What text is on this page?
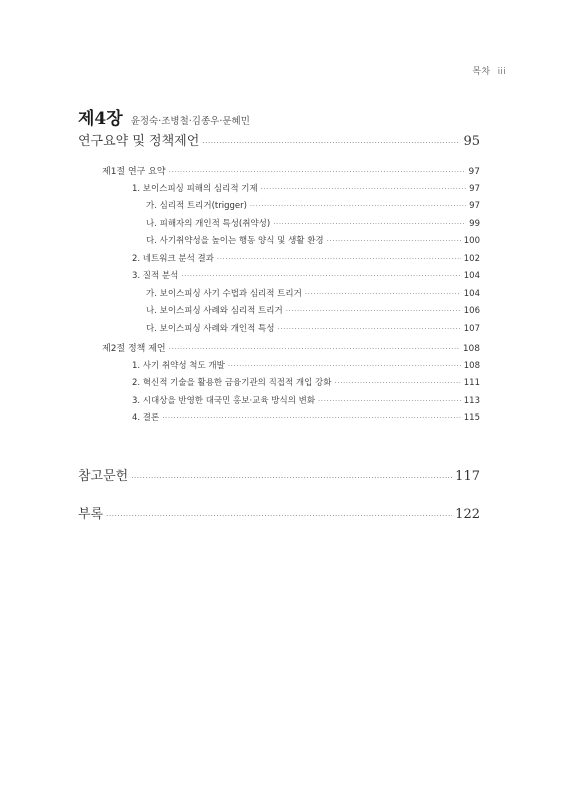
목차 iii
제4장 윤정숙·조병철·김종우·문혜민
연구요약 및 정책제언 ·····	95
제1절 연구 요약 ·····	97
1. 보이스피싱 피해의 심리적 기제 ·····	97
가. 심리적 트리거(trigger) ·····	97
나. 피해자의 개인적 특성(취약성) ·····	99
다. 사기취약성을 높이는 행동 양식 및 생활 환경 ·····	100
2. 네트워크 분석 결과 ·····	102
3. 질적 분석 ·····	104
가. 보이스피싱 사기 수법과 심리적 트리거 ·····	104
나. 보이스피싱 사례와 심리적 트리거 ·····	106
다. 보이스피싱 사례와 개인적 특성 ·····	107
제2절 정책 제언 ·····	108
1. 사기 취약성 척도 개발 ·····	108
2. 혁신적 기술을 활용한 금융기관의 직접적 개입 강화 ·····	111
3. 시대상을 반영한 대국민 홍보·교육 방식의 변화 ·····	113
4. 결론 ·····	115
참고문헌 ·····	117
부록 ·····	122
